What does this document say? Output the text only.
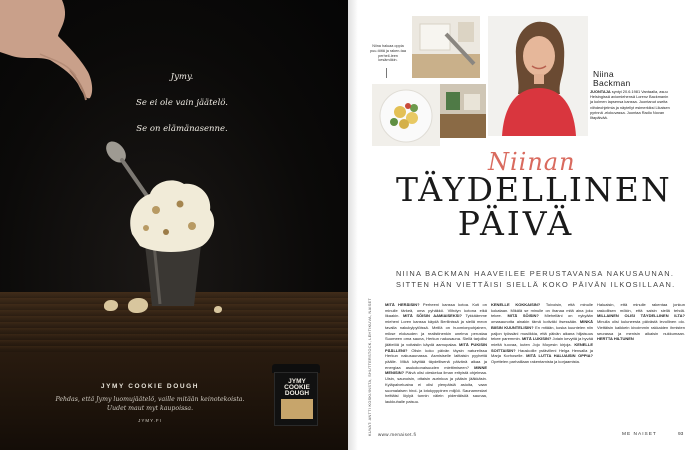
Jymy.
Se ei ole vain jäätelö.
Se on elämänasenne.
JYMY COOKIE DOUGH
Pehdas, että Jymy luomujäätelö, vaille mitään keinotekoista.
Uudet maut myt kaupoissa.
JYMY.FI
JYMY
COOKIE
DOUGH
Niina haluaa oppia puu-töitä ja raken-taa perheil-leen kesämökin.
Niina
Backman
JUONTAJA syntyi 20.6.1981 Vantaalla, asuu Helsingissä aviomiehensä Lorenz Backmanin ja kolmen lapsensa kanssa. Juontanut useita viihdeohjelmia ja näytellyt esimerkiksi Likaisen pyrinnä -elokuvassa. Juontaa Radio Novan Iltapäivää.
Niinan
TÄYDELLINEN
PÄIVÄ
NIINA BACKMAN HAAVEILEE PERUSTAVANSA NAKUSAUNAN. SITTEN HÄN VIETTÄISI SIELLÄ KOKO PÄIVÄN ILKOSILLAAN.
KUVAT: ANTTI KOSKI/INSTA, SHUTTERSTOCK, LEHTIKUVA, NAISET	MITÄ HERÄISIN? Perheeni kanssa kotoa. Koti on minulle tärkeä, oma pyhäkkö. Viihdyn kotona eikä likaakin. MITÄ SÖISIN AAMIAISEKSI? Tykkäämme mieheni Loren kanssa käydä Berliinissä ja siellä meon tavalla nakukylpylöissä. Meillä on huomionpohjainen, mikse elokauden ja realistinenkin unelma perustaa Suomeen oma sauna, Herkun nakusauna. Siellä tarjoilisi jäätelöä ja voitaisiin käydä aamupalaa. MITÄ PUKISIN PÄÄLLENI? Olisin koko päivän täysin naturelissa Herkun nakusaunassa. Asmisiselle laittaisin pyyhettä päälle. Mikä käyttää täydellisenä päivänä aikaa ja energiaa asukokonaisuuden miettimiseen? MINNE MENISIN? Päivä olisi oleskelua ilman erityistä ohjelmaa. Uisin, saunoisin, ottaisin aurinkoa ja pääsin jääkkäsin. Kyläpalveluaina ei olisi ylenpäisiä asioita, vaan suomalaisen hiroi- ja lotokyyppinen miljöö. Saunamestari heittäisi löylyä tunnin välein pidentäisöä saunaa, laukkuhalle paisuu.
KENELLE KOKKAISIN? Toivoisin, että minulle kokataan. Mikälä se minulle on ihanaa mitä aina joku tekee. MITÄ SÖISIN? Miehelläni on nykyään omasaunotta ainakin tämä kotiväki itsessään. MINKÄ BIISIN KUUNTELISIN? En mitään, koska kuuntelen niin paljon työssäni musiikkia, että päivän aikana hiljaisuus tekee paremmin. MITÄ LUKISIN? Jotain kevyttä ja hyvää mieltä tuovaa, kuten Jojo Moyesin kirjoja. KENELLE SOITTAISIN? Hauskoille ystävilleni Helga Hensalla ja Marja Korhoselle. MITÄ LUTTA HALUAISIN OPPIA? Opettelen parhaillaan rakentamista ja korjaamista.
Haluaisin, että minulle rakentaa jonkun raskollisen mökin, että saisin siellä tehdä. MILLAINEN OLISI TÄYDELLINEN ILTA? Minulla olisi kuluneesta päivästä levollinen olo. Viettäisin kaikkein kivoimmin rakkaiden ihmisten seurassa ja menisin aikaisin nukkumaan. HERTTA HILTUNEN
www.menaiset.fi	ME NAISET	93
